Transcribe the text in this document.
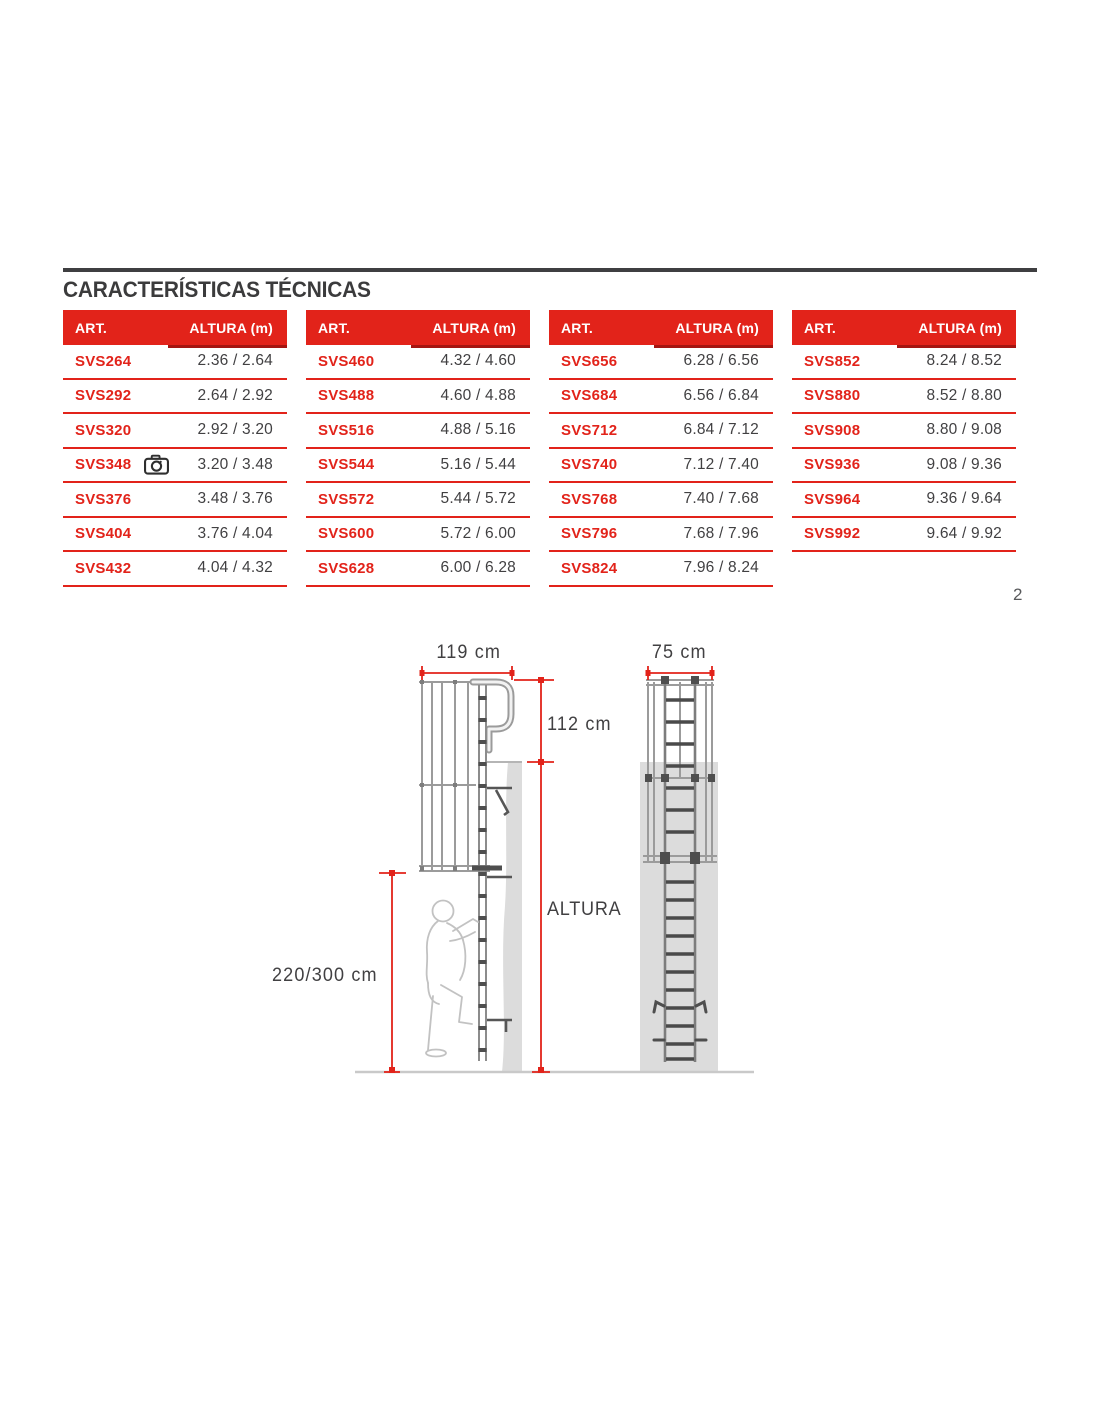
CARACTERÍSTICAS TÉCNICAS
ART.	ALTURA (m)
SVS264	2.36 / 2.64
SVS292	2.64 / 2.92
SVS320	2.92 / 3.20
SVS348	3.20 / 3.48
SVS376	3.48 / 3.76
SVS404	3.76 / 4.04
SVS432	4.04 / 4.32
ART.	ALTURA (m)
SVS460	4.32 / 4.60
SVS488	4.60 / 4.88
SVS516	4.88 / 5.16
SVS544	5.16 / 5.44
SVS572	5.44 / 5.72
SVS600	5.72 / 6.00
SVS628	6.00 / 6.28
ART.	ALTURA (m)
SVS656	6.28 / 6.56
SVS684	6.56 / 6.84
SVS712	6.84 / 7.12
SVS740	7.12 / 7.40
SVS768	7.40 / 7.68
SVS796	7.68 / 7.96
SVS824	7.96 / 8.24
ART.	ALTURA (m)
SVS852	8.24 / 8.52
SVS880	8.52 / 8.80
SVS908	8.80 / 9.08
SVS936	9.08 / 9.36
SVS964	9.36 / 9.64
SVS992	9.64 / 9.92
2
119 cm	75 cm
112 cm
ALTURA
220/300 cm
